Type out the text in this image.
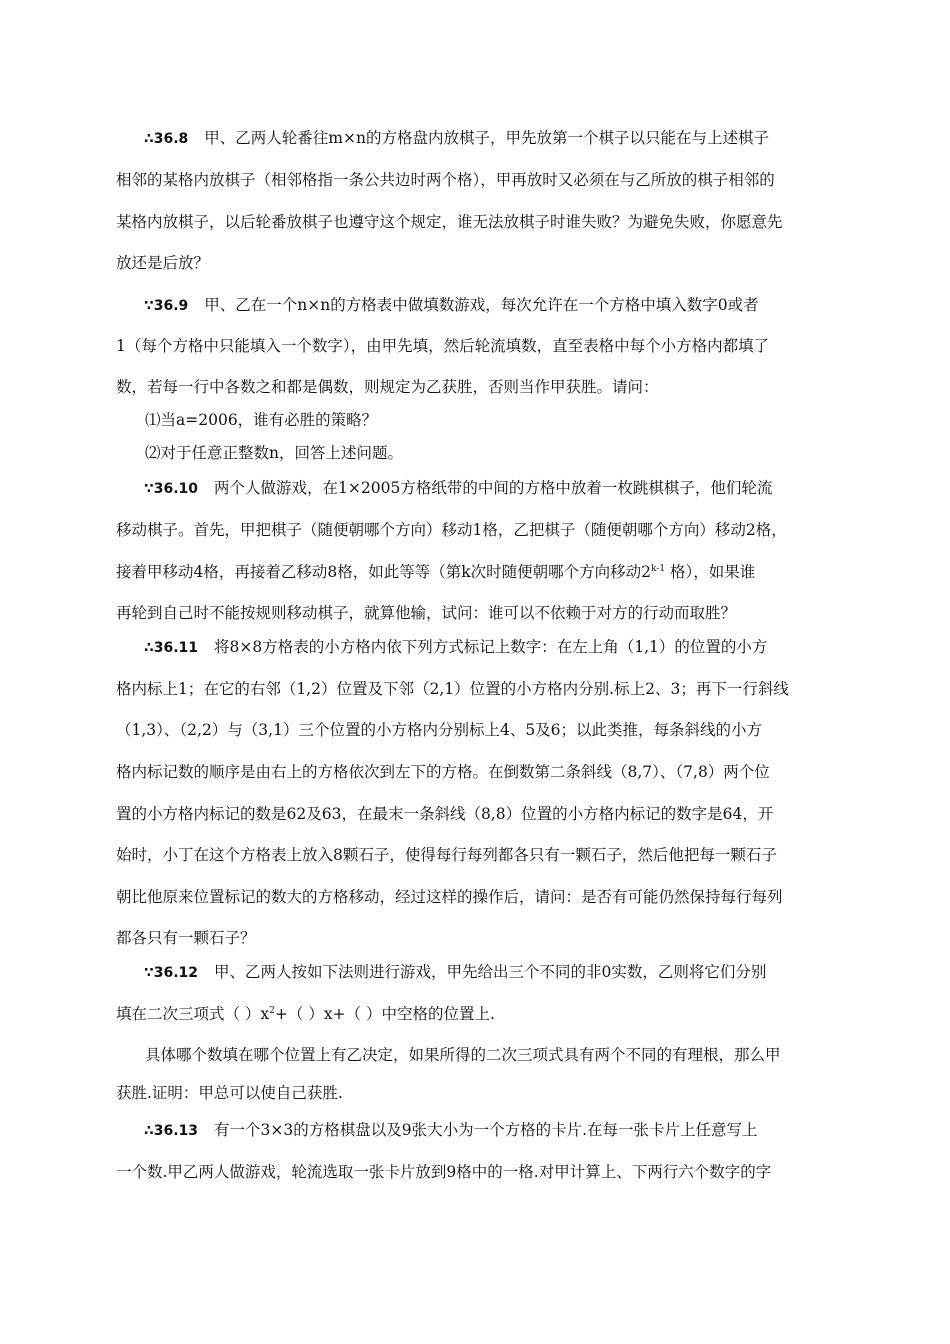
∴36.8 甲、乙两人轮番往m×n的方格盘内放棋子，甲先放第一个棋子以只能在与上述棋子
相邻的某格内放棋子（相邻格指一条公共边时两个格），甲再放时又必须在与乙所放的棋子相邻的
某格内放棋子，以后轮番放棋子也遵守这个规定，谁无法放棋子时谁失败？为避免失败，你愿意先
放还是后放？
∵36.9 甲、乙在一个n×n的方格表中做填数游戏，每次允许在一个方格中填入数字0或者
1（每个方格中只能填入一个数字），由甲先填，然后轮流填数，直至表格中每个小方格内都填了
数，若每一行中各数之和都是偶数，则规定为乙获胜，否则当作甲获胜。请问：
⑴当a=2006，谁有必胜的策略？
⑵对于任意正整数n，回答上述问题。
∵36.10 两个人做游戏，在1×2005方格纸带的中间的方格中放着一枚跳棋棋子，他们轮流
移动棋子。首先，甲把棋子（随便朝哪个方向）移动1格，乙把棋子（随便朝哪个方向）移动2格，
接着甲移动4格，再接着乙移动8格，如此等等（第k次时随便朝哪个方向移动2$^{k-1}$ 格），如果谁
再轮到自己时不能按规则移动棋子，就算他输，试问：谁可以不依赖于对方的行动而取胜？
∴36.11 将8×8方格表的小方格内依下列方式标记上数字：在左上角（1,1）的位置的小方
格内标上1；在它的右邻（1,2）位置及下邻（2,1）位置的小方格内分别.标上2、3；再下一行斜线
（1,3）、（2,2）与（3,1）三个位置的小方格内分别标上4、5及6；以此类推，每条斜线的小方
格内标记数的顺序是由右上的方格依次到左下的方格。在倒数第二条斜线（8,7）、（7,8）两个位
置的小方格内标记的数是62及63，在最末一条斜线（8,8）位置的小方格内标记的数字是64，开
始时，小丁在这个方格表上放入8颗石子，使得每行每列都各只有一颗石子，然后他把每一颗石子
朝比他原来位置标记的数大的方格移动，经过这样的操作后，请问：是否有可能仍然保持每行每列
都各只有一颗石子？
∵36.12 甲、乙两人按如下法则进行游戏，甲先给出三个不同的非0实数，乙则将它们分别
填在二次三项式（ ）$x^2+$（ ）x+（ ）中空格的位置上.
具体哪个数填在哪个位置上有乙决定，如果所得的二次三项式具有两个不同的有理根，那么甲
获胜.证明：甲总可以使自己获胜.
∴36.13 有一个3×3的方格棋盘以及9张大小为一个方格的卡片.在每一张卡片上任意写上
一个数.甲乙两人做游戏，轮流选取一张卡片放到9格中的一格.对甲计算上、下两行六个数字的字
